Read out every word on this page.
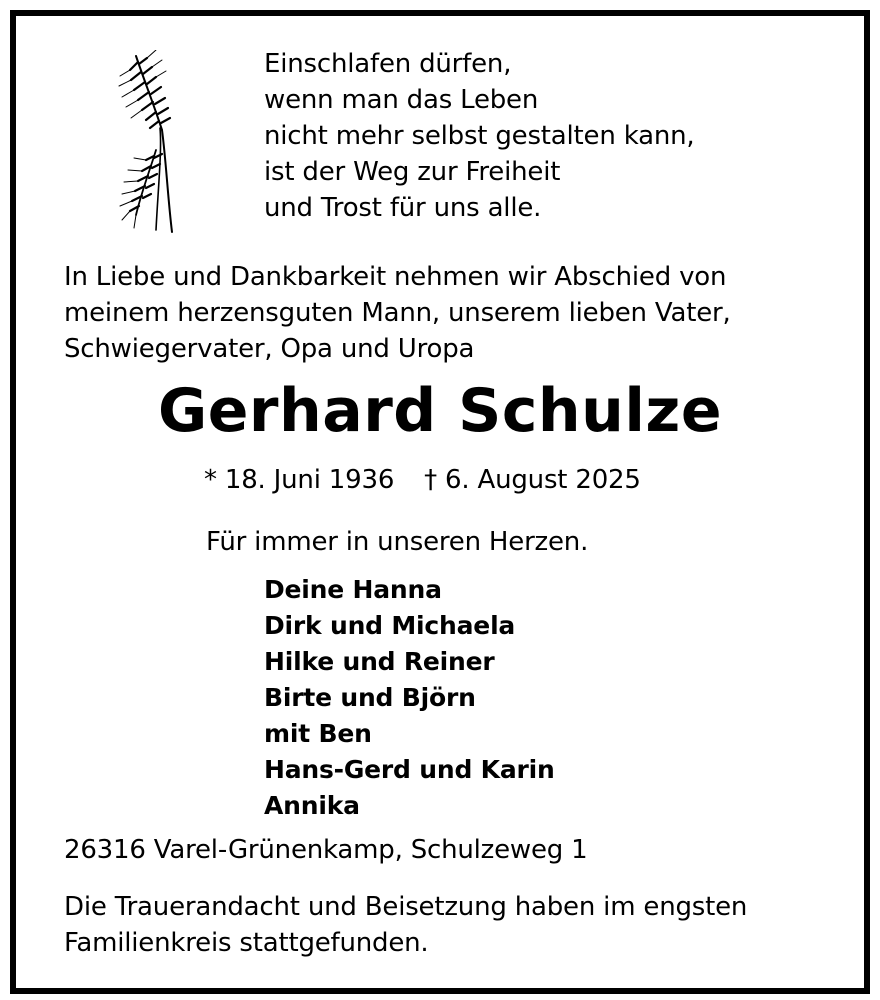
Einschlafen dürfen,
wenn man das Leben
nicht mehr selbst gestalten kann,
ist der Weg zur Freiheit
und Trost für uns alle.
In Liebe und Dankbarkeit nehmen wir Abschied von
meinem herzensguten Mann, unserem lieben Vater,
Schwiegervater, Opa und Uropa
Gerhard Schulze
* 18. Juni 1936 † 6. August 2025
Für immer in unseren Herzen.
Deine Hanna
Dirk und Michaela
Hilke und Reiner
Birte und Björn
mit Ben
Hans-Gerd und Karin
Annika
26316 Varel-Grünenkamp, Schulzeweg 1
Die Trauerandacht und Beisetzung haben im engsten
Familienkreis stattgefunden.
